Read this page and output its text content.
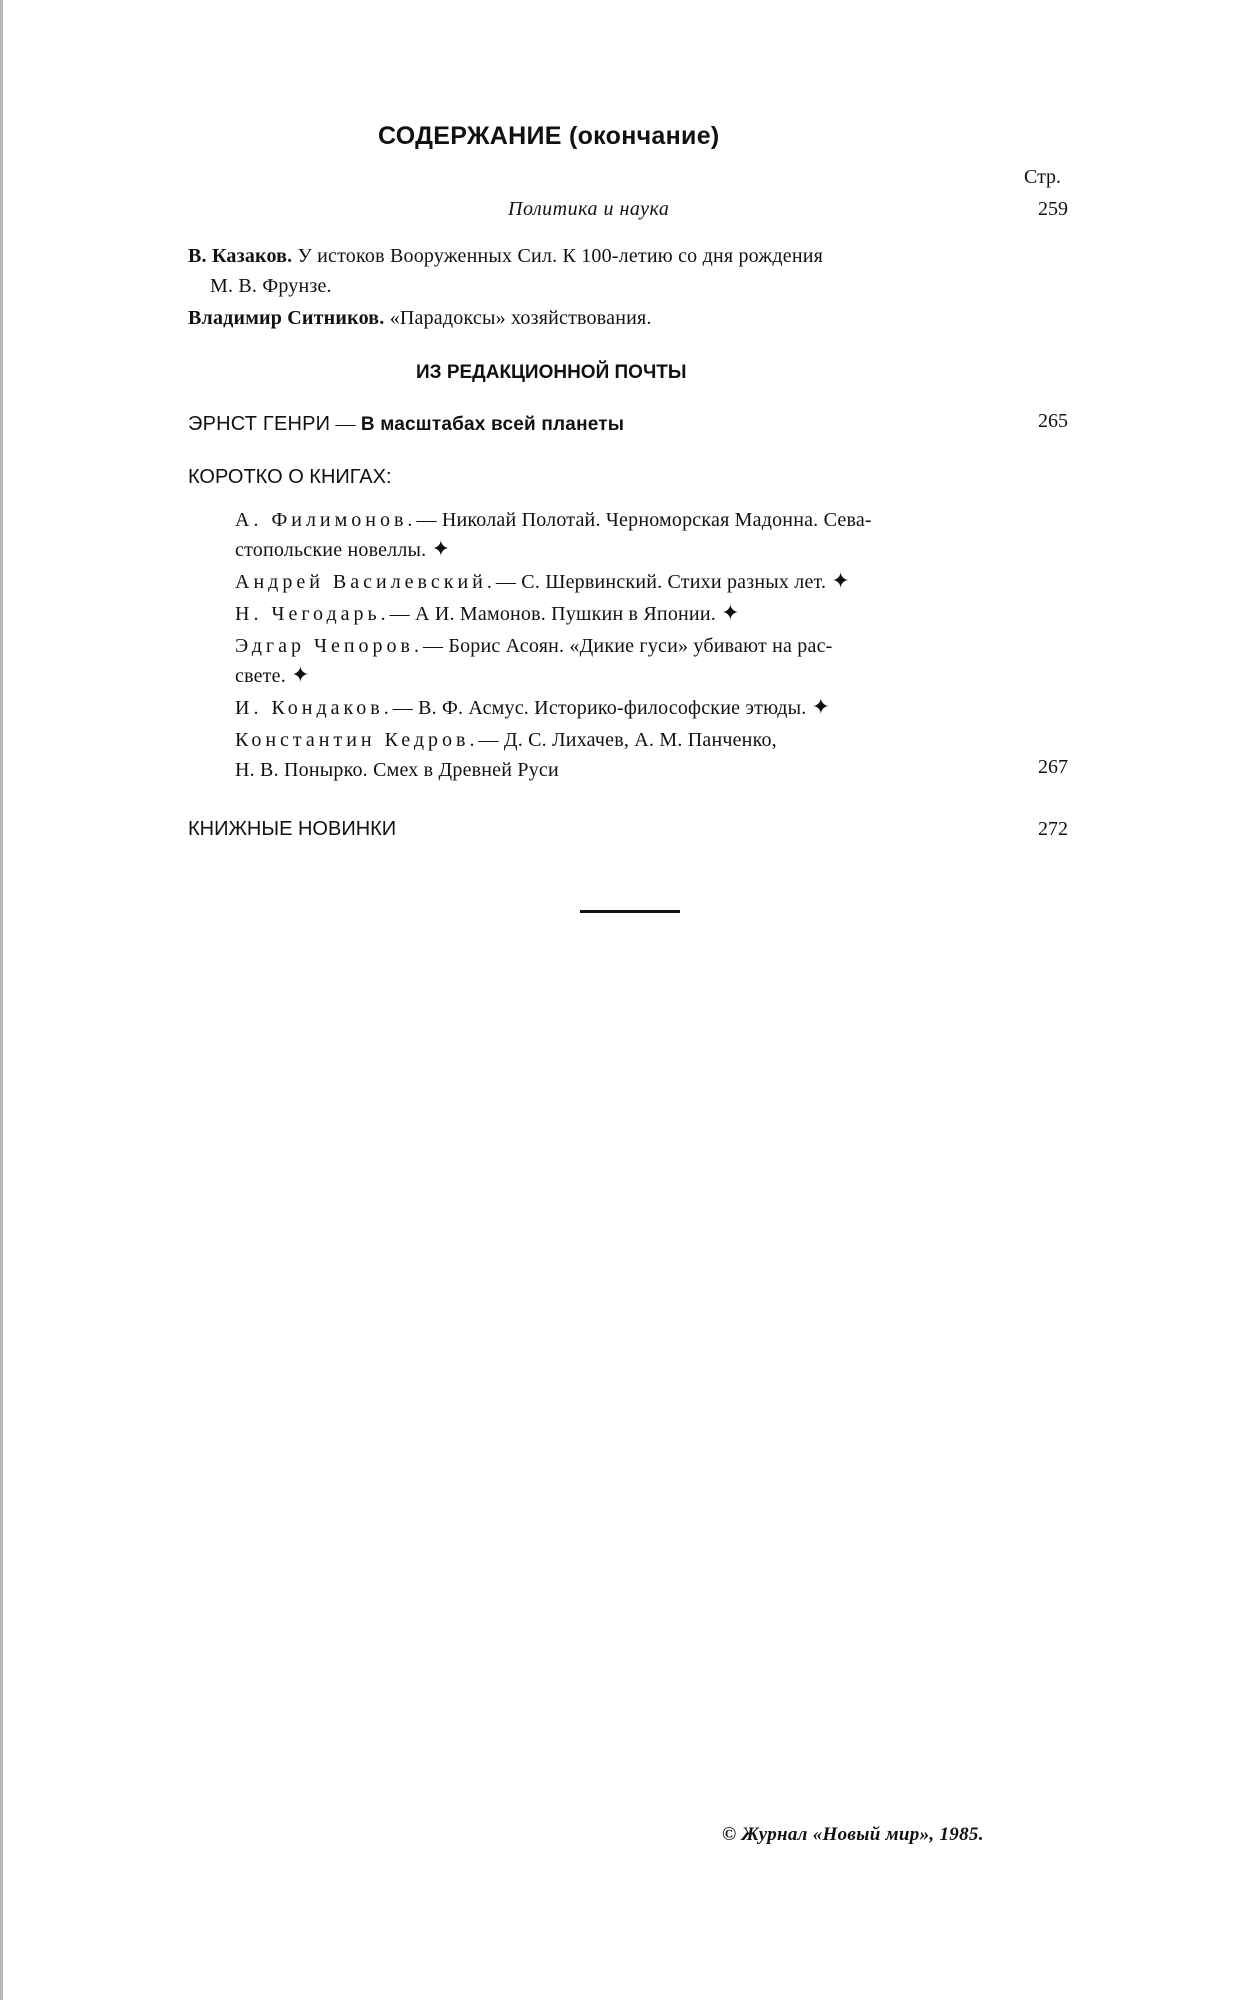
СОДЕРЖАНИЕ (окончание)
Стр.
Политика и наука	259
В. Казаков. У истоков Вооруженных Сил. К 100-летию со дня рождения
М. В. Фрунзе.
Владимир Ситников. «Парадоксы» хозяйствования.
ИЗ РЕДАКЦИОННОЙ ПОЧТЫ
ЭРНСТ ГЕНРИ — В масштабах всей планеты	265
КОРОТКО О КНИГАХ:
А. Филимонов.— Николай Полотай. Черноморская Мадонна. Сева-
стопольские новеллы. ✦
Андрей Василевский.— С. Шервинский. Стихи разных лет. ✦
Н. Чегодарь.— А И. Мамонов. Пушкин в Японии. ✦
Эдгар Чепоров.— Борис Асоян. «Дикие гуси» убивают на рас-
свете. ✦
И. Кондаков.— В. Ф. Асмус. Историко-философские этюды. ✦
Константин Кедров.— Д. С. Лихачев, А. М. Панченко,
Н. В. Понырко. Смех в Древней Руси	267
КНИЖНЫЕ НОВИНКИ	272
© Журнал «Новый мир», 1985.
